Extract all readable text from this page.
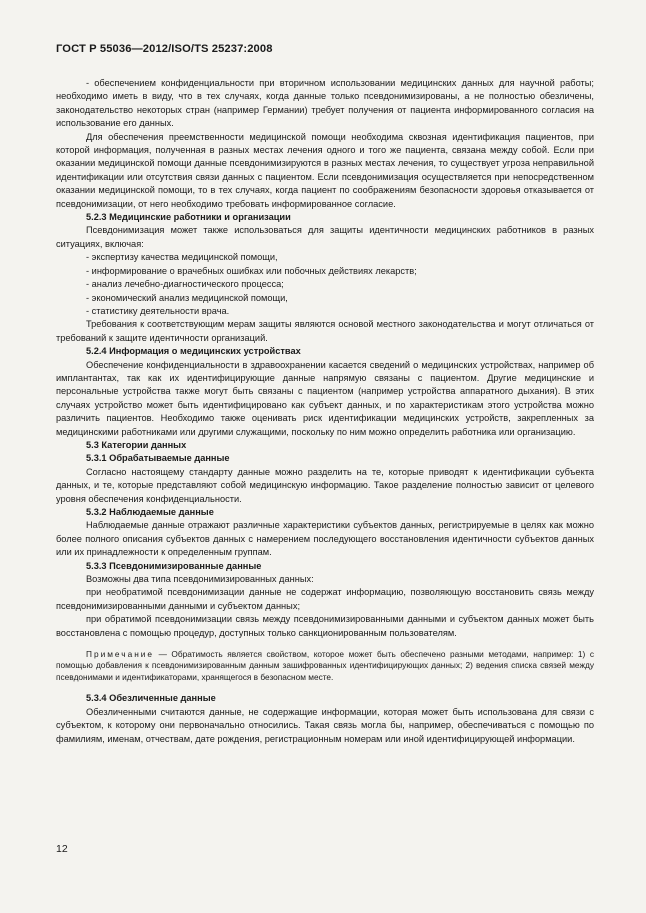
ГОСТ Р 55036—2012/ISO/TS 25237:2008

- обеспечением конфиденциальности при вторичном использовании медицинских данных для научной работы; необходимо иметь в виду, что в тех случаях, когда данные только псевдонимизированы, а не полностью обезличены, законодательство некоторых стран (например Германии) требует получения от пациента информированного согласия на использование его данных.

Для обеспечения преемственности медицинской помощи необходима сквозная идентификация пациентов, при которой информация, полученная в разных местах лечения одного и того же пациента, связана между собой. Если при оказании медицинской помощи данные псевдонимизируются в разных местах лечения, то существует угроза неправильной идентификации или отсутствия связи данных с пациентом. Если псевдонимизация осуществляется при непосредственном оказании медицинской помощи, то в тех случаях, когда пациент по соображениям безопасности здоровья отказывается от псевдонимизации, от него необходимо требовать информированное согласие.

5.2.3 Медицинские работники и организации

Псевдонимизация может также использоваться для защиты идентичности медицинских работников в разных ситуациях, включая:

- экспертизу качества медицинской помощи,

- информирование о врачебных ошибках или побочных действиях лекарств;

- анализ лечебно-диагностического процесса;

- экономический анализ медицинской помощи,

- статистику деятельности врача.

Требования к соответствующим мерам защиты являются основой местного законодательства и могут отличаться от требований к защите идентичности организаций.

5.2.4 Информация о медицинских устройствах

Обеспечение конфиденциальности в здравоохранении касается сведений о медицинских устройствах, например об имплантантах, так как их идентифицирующие данные напрямую связаны с пациентом. Другие медицинские и персональные устройства также могут быть связаны с пациентом (например устройства аппаратного дыхания). В этих случаях устройство может быть идентифицировано как субъект данных, и по характеристикам этого устройства можно различить пациентов. Необходимо также оценивать риск идентификации медицинских устройств, закрепленных за медицинскими работниками или другими служащими, поскольку по ним можно определить работника или организацию.

5.3 Категории данных

5.3.1 Обрабатываемые данные

Согласно настоящему стандарту данные можно разделить на те, которые приводят к идентификации субъекта данных, и те, которые представляют собой медицинскую информацию. Такое разделение полностью зависит от целевого уровня обеспечения конфиденциальности.

5.3.2 Наблюдаемые данные

Наблюдаемые данные отражают различные характеристики субъектов данных, регистрируемые в целях как можно более полного описания субъектов данных с намерением последующего восстановления идентичности субъектов данных или их принадлежности к определенным группам.

5.3.3 Псевдонимизированные данные

Возможны два типа псевдонимизированных данных:

при необратимой псевдонимизации данные не содержат информацию, позволяющую восстановить связь между псевдонимизированными данными и субъектом данных;

при обратимой псевдонимизации связь между псевдонимизированными данными и субъектом данных может быть восстановлена с помощью процедур, доступных только санкционированным пользователям.

Примечание — Обратимость является свойством, которое может быть обеспечено разными методами, например: 1) с помощью добавления к псевдонимизированным данным зашифрованных идентифицирующих данных; 2) ведения списка связей между псевдонимами и идентификаторами, хранящегося в безопасном месте.

5.3.4 Обезличенные данные

Обезличенными считаются данные, не содержащие информации, которая может быть использована для связи с субъектом, к которому они первоначально относились. Такая связь могла бы, например, обеспечиваться с помощью по фамилиям, именам, отчествам, дате рождения, регистрационным номерам или иной идентифицирующей информации.

12
